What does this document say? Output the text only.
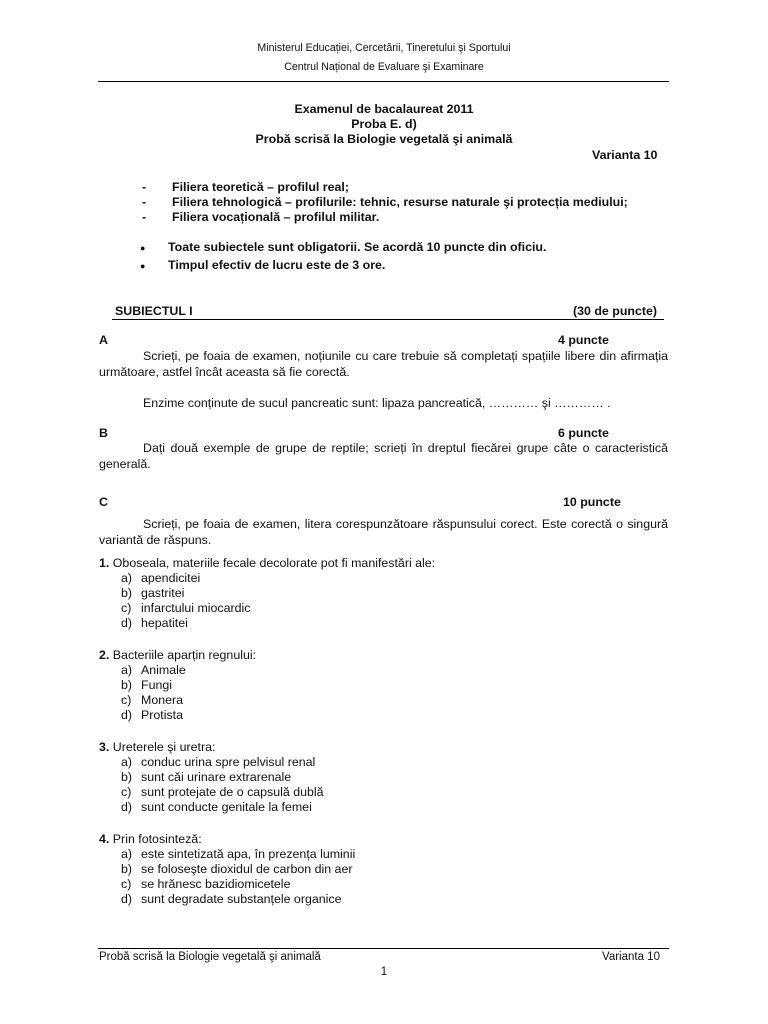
Ministerul Educației, Cercetării, Tineretului şi Sportului
Centrul Național de Evaluare şi Examinare
Examenul de bacalaureat 2011
Proba E. d)
Probă scrisă la Biologie vegetală şi animală
Varianta 10
- Filiera teoretică – profilul real;
- Filiera tehnologică – profilurile: tehnic, resurse naturale şi protecția mediului;
- Filiera vocațională – profilul militar.
● Toate subiectele sunt obligatorii. Se acordă 10 puncte din oficiu.
● Timpul efectiv de lucru este de 3 ore.
SUBIECTUL I	(30 de puncte)
A	4 puncte
Scrieți, pe foaia de examen, noțiunile cu care trebuie să completați spațiile libere din afirmația următoare, astfel încât aceasta să fie corectă.
Enzime conținute de sucul pancreatic sunt: lipaza pancreatică, ………… şi ………… .
B	6 puncte
Dați două exemple de grupe de reptile; scrieți în dreptul fiecărei grupe câte o caracteristică generală.
C	10 puncte
Scrieți, pe foaia de examen, litera corespunzătoare răspunsului corect. Este corectă o singură variantă de răspuns.
1. Oboseala, materiile fecale decolorate pot fi manifestări ale:
a) apendicitei
b) gastritei
c) infarctului miocardic
d) hepatitei
2. Bacteriile aparțin regnului:
a) Animale
b) Fungi
c) Monera
d) Protista
3. Ureterele şi uretra:
a) conduc urina spre pelvisul renal
b) sunt căi urinare extrarenale
c) sunt protejate de o capsulă dublă
d) sunt conducte genitale la femei
4. Prin fotosinteză:
a) este sintetizată apa, în prezența luminii
b) se foloseşte dioxidul de carbon din aer
c) se hrănesc bazidiomicetele
d) sunt degradate substanțele organice
Probă scrisă la Biologie vegetală şi animală	Varianta 10
1
